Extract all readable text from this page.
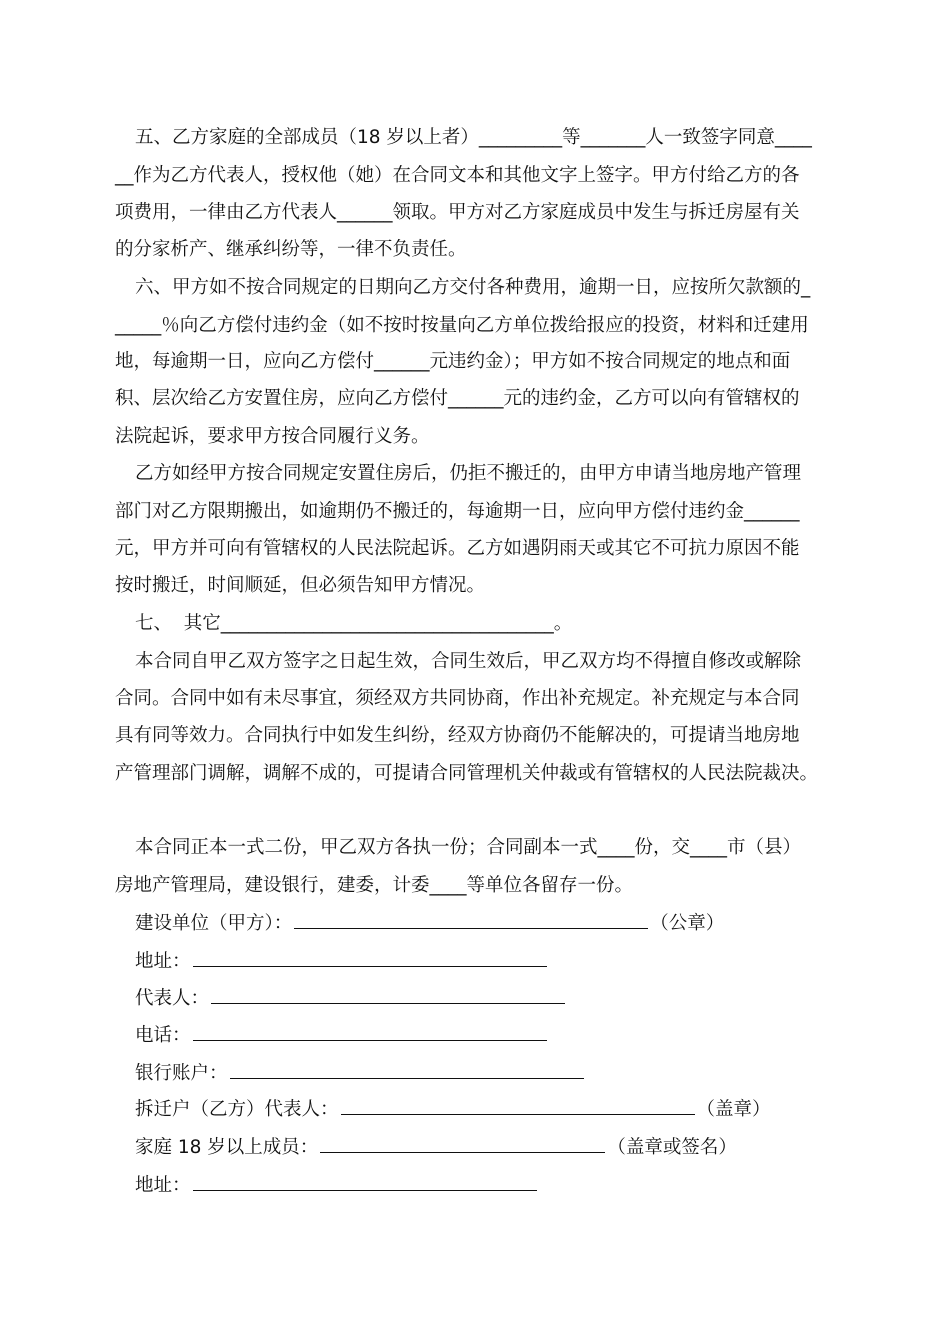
五、乙方家庭的全部成员（18 岁以上者）_________等_______人一致签字同意____
__作为乙方代表人，授权他（她）在合同文本和其他文字上签字。甲方付给乙方的各
项费用，一律由乙方代表人______领取。甲方对乙方家庭成员中发生与拆迁房屋有关
的分家析产、继承纠纷等，一律不负责任。
六、甲方如不按合同规定的日期向乙方交付各种费用，逾期一日，应按所欠款额的_
_____％向乙方偿付违约金（如不按时按量向乙方单位拨给报应的投资，材料和迁建用
地，每逾期一日，应向乙方偿付______元违约金）；甲方如不按合同规定的地点和面
积、层次给乙方安置住房，应向乙方偿付______元的违约金，乙方可以向有管辖权的
法院起诉，要求甲方按合同履行义务。
乙方如经甲方按合同规定安置住房后，仍拒不搬迁的，由甲方申请当地房地产管理
部门对乙方限期搬出，如逾期仍不搬迁的，每逾期一日，应向甲方偿付违约金______
元，甲方并可向有管辖权的人民法院起诉。乙方如遇阴雨天或其它不可抗力原因不能
按时搬迁，时间顺延，但必须告知甲方情况。
七、  其它____________________________________。
本合同自甲乙双方签字之日起生效，合同生效后，甲乙双方均不得擅自修改或解除
合同。合同中如有未尽事宜，须经双方共同协商，作出补充规定。补充规定与本合同
具有同等效力。合同执行中如发生纠纷，经双方协商仍不能解决的，可提请当地房地
产管理部门调解，调解不成的，可提请合同管理机关仲裁或有管辖权的人民法院裁决。
本合同正本一式二份，甲乙双方各执一份；合同副本一式____份，交____市（县）
房地产管理局，建设银行，建委，计委____等单位各留存一份。
建设单位（甲方）：	（公章）
地址：
代表人：
电话：
银行账户：
拆迁户（乙方）代表人：	（盖章）
家庭 18 岁以上成员：	（盖章或签名）
地址：
